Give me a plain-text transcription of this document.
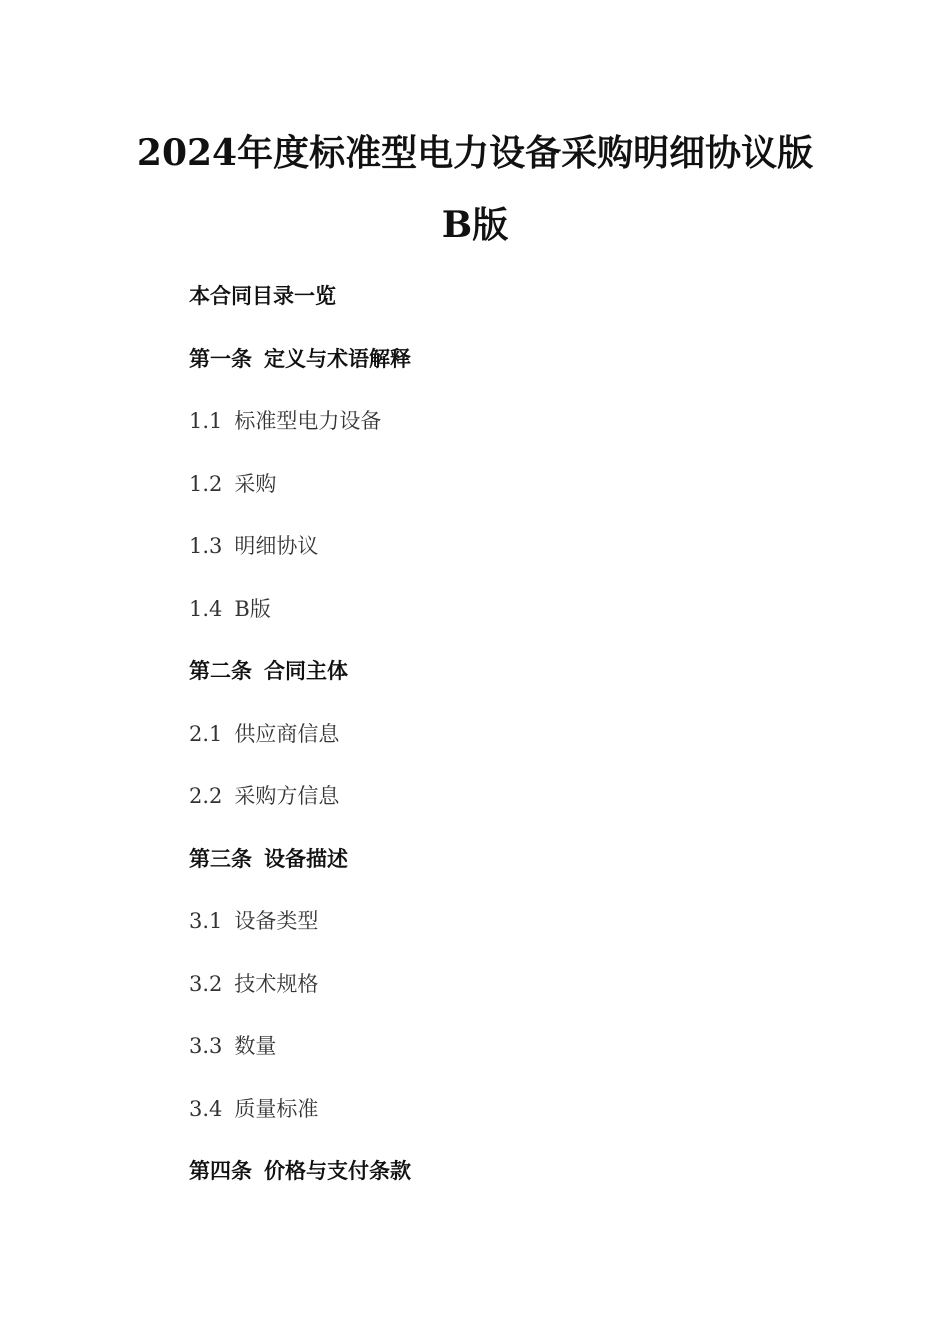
2024年度标准型电力设备采购明细协议版
B版
本合同目录一览
第一条 定义与术语解释
1.1 标准型电力设备
1.2 采购
1.3 明细协议
1.4 B版
第二条 合同主体
2.1 供应商信息
2.2 采购方信息
第三条 设备描述
3.1 设备类型
3.2 技术规格
3.3 数量
3.4 质量标准
第四条 价格与支付条款
